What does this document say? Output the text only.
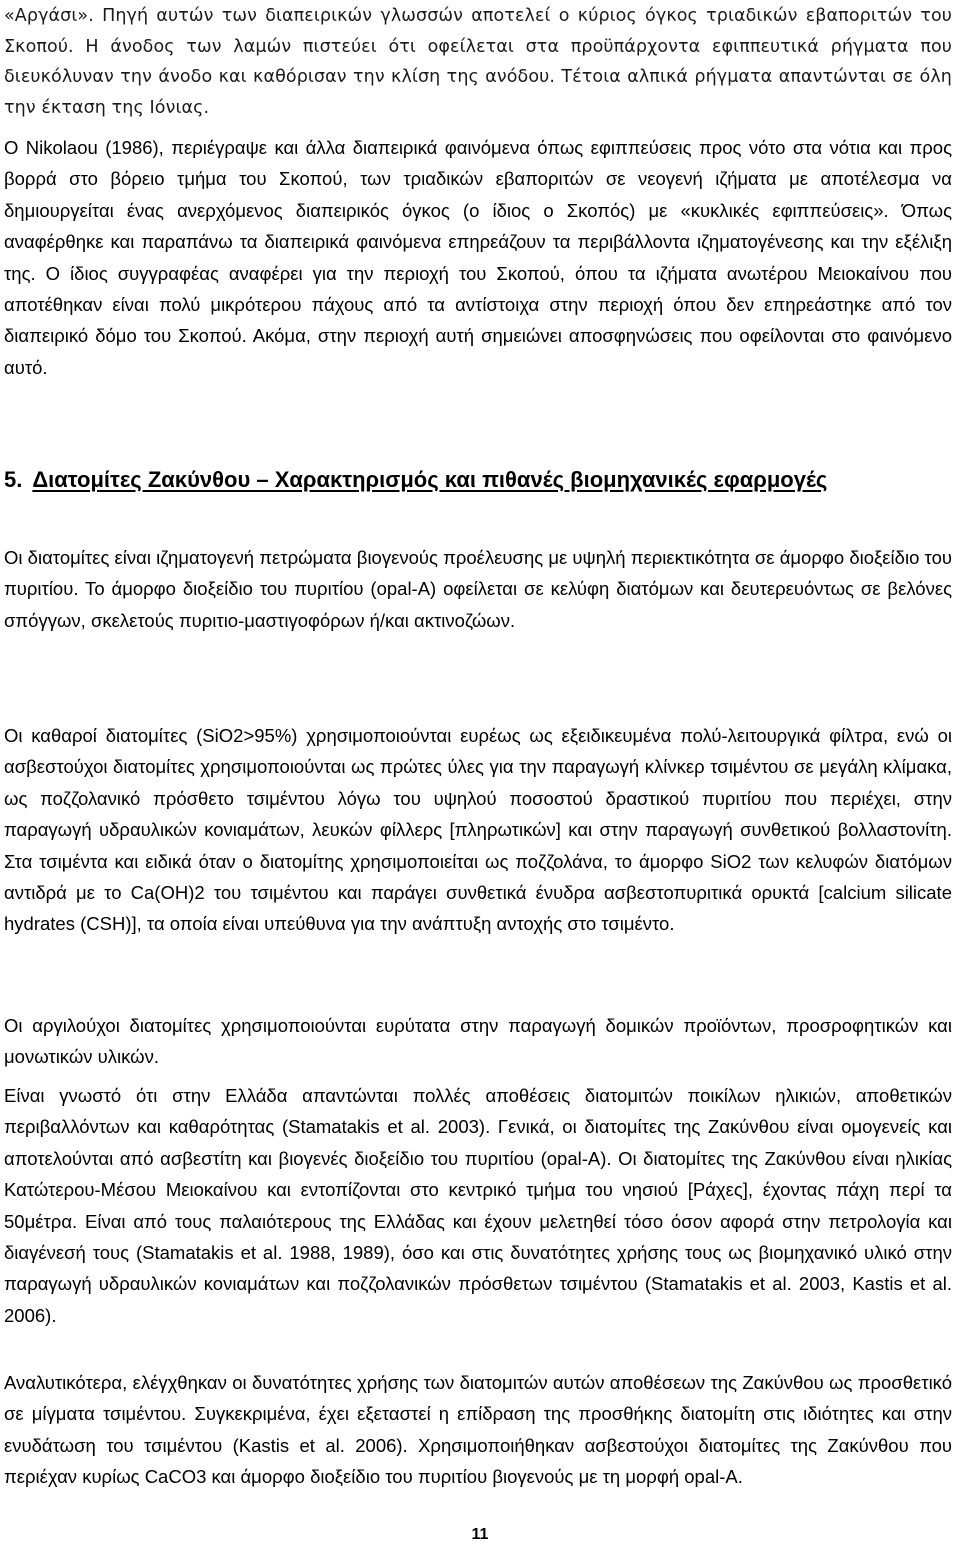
«Αργάσι». Πηγή αυτών των διαπειρικών γλωσσών αποτελεί ο κύριος όγκος τριαδικών εβαποριτών του Σκοπού. Η άνοδος των λαμών πιστεύει ότι οφείλεται στα προϋπάρχοντα εφιππευτικά ρήγματα που διευκόλυναν την άνοδο και καθόρισαν την κλίση της ανόδου. Τέτοια αλπικά ρήγματα απαντώνται σε όλη την έκταση της Ιόνιας.

O Nikolaou (1986), περιέγραψε και άλλα διαπειρικά φαινόμενα όπως εφιππεύσεις προς νότο στα νότια και προς βορρά στο βόρειο τμήμα του Σκοπού, των τριαδικών εβαποριτών σε νεογενή ιζήματα με αποτέλεσμα να δημιουργείται ένας ανερχόμενος διαπειρικός όγκος (ο ίδιος ο Σκοπός) με «κυκλικές εφιππεύσεις». Όπως αναφέρθηκε και παραπάνω τα διαπειρικά φαινόμενα επηρεάζουν τα περιβάλλοντα ιζηματογένεσης και την εξέλιξη της. Ο ίδιος συγγραφέας αναφέρει για την περιοχή του Σκοπού, όπου τα ιζήματα ανωτέρου Μειοκαίνου που αποτέθηκαν είναι πολύ μικρότερου πάχους από τα αντίστοιχα στην περιοχή όπου δεν επηρεάστηκε από τον διαπειρικό δόμο του Σκοπού. Ακόμα, στην περιοχή αυτή σημειώνει αποσφηνώσεις που οφείλονται στο φαινόμενο αυτό.

5. Διατομίτες Ζακύνθου – Χαρακτηρισμός και πιθανές βιομηχανικές εφαρμογές

Οι διατομίτες είναι ιζηματογενή πετρώματα βιογενούς προέλευσης με υψηλή περιεκτικότητα σε άμορφο διοξείδιο του πυριτίου. Το άμορφο διοξείδιο του πυριτίου (opal-A) οφείλεται σε κελύφη διατόμων και δευτερευόντως σε βελόνες σπόγγων, σκελετούς πυριτιο-μαστιγοφόρων ή/και ακτινοζώων.

Οι καθαροί διατομίτες (SiO2>95%) χρησιμοποιούνται ευρέως ως εξειδικευμένα πολύ-λειτουργικά φίλτρα, ενώ οι ασβεστούχοι διατομίτες χρησιμοποιούνται ως πρώτες ύλες για την παραγωγή κλίνκερ τσιμέντου σε μεγάλη κλίμακα, ως ποζζολανικό πρόσθετο τσιμέντου λόγω του υψηλού ποσοστού δραστικού πυριτίου που περιέχει, στην παραγωγή υδραυλικών κονιαμάτων, λευκών φίλλερς [πληρωτικών] και στην παραγωγή συνθετικού βολλαστονίτη. Στα τσιμέντα και ειδικά όταν ο διατομίτης χρησιμοποιείται ως ποζζολάνα, το άμορφο SiO2 των κελυφών διατόμων αντιδρά με το Ca(OH)2 του τσιμέντου και παράγει συνθετικά ένυδρα ασβεστοπυριτικά ορυκτά [calcium silicate hydrates (CSH)], τα οποία είναι υπεύθυνα για την ανάπτυξη αντοχής στο τσιμέντο.

Οι αργιλούχοι διατομίτες χρησιμοποιούνται ευρύτατα στην παραγωγή δομικών προϊόντων, προσροφητικών και μονωτικών υλικών.

Είναι γνωστό ότι στην Ελλάδα απαντώνται πολλές αποθέσεις διατομιτών ποικίλων ηλικιών, αποθετικών περιβαλλόντων και καθαρότητας (Stamatakis et al. 2003). Γενικά, οι διατομίτες της Ζακύνθου είναι ομογενείς και αποτελούνται από ασβεστίτη και βιογενές διοξείδιο του πυριτίου (opal-A). Οι διατομίτες της Ζακύνθου είναι ηλικίας Κατώτερου-Μέσου Μειοκαίνου και εντοπίζονται στο κεντρικό τμήμα του νησιού [Ράχες], έχοντας πάχη περί τα 50μέτρα. Είναι από τους παλαιότερους της Ελλάδας και έχουν μελετηθεί τόσο όσον αφορά στην πετρολογία και διαγένεσή τους (Stamatakis et al. 1988, 1989), όσο και στις δυνατότητες χρήσης τους ως βιομηχανικό υλικό στην παραγωγή υδραυλικών κονιαμάτων και ποζζολανικών πρόσθετων τσιμέντου (Stamatakis et al. 2003, Kastis et al. 2006).

Αναλυτικότερα, ελέγχθηκαν οι δυνατότητες χρήσης των διατομιτών αυτών αποθέσεων της Ζακύνθου ως προσθετικό σε μίγματα τσιμέντου. Συγκεκριμένα, έχει εξεταστεί η επίδραση της προσθήκης διατομίτη στις ιδιότητες και στην ενυδάτωση του τσιμέντου (Kastis et al. 2006). Χρησιμοποιήθηκαν ασβεστούχοι διατομίτες της Ζακύνθου που περιέχαν κυρίως CaCO3 και άμορφο διοξείδιο του πυριτίου βιογενούς με τη μορφή opal-A.

11
